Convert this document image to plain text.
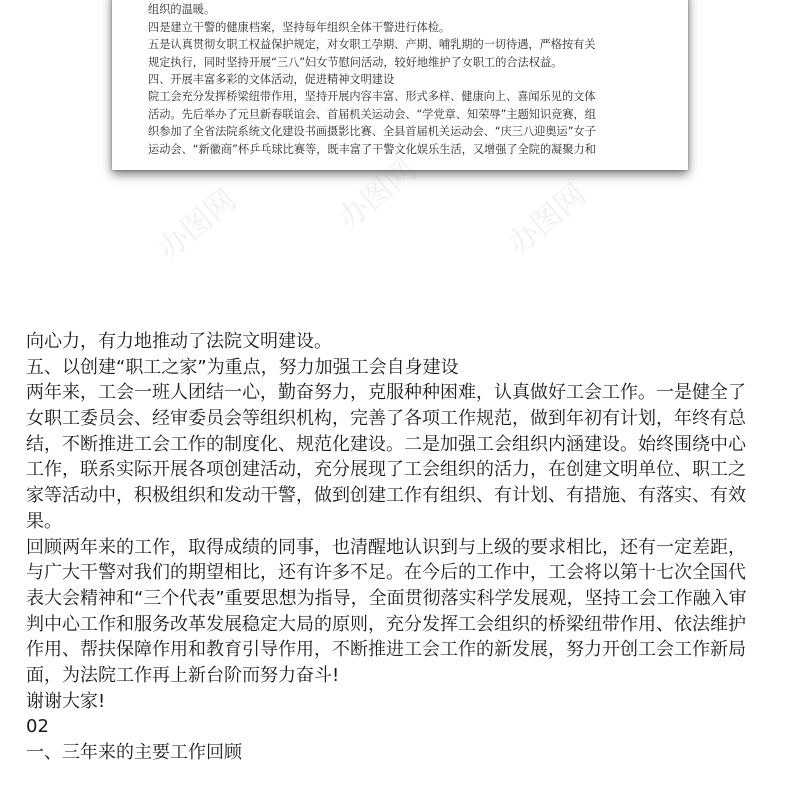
组织的温暖。
四是建立干警的健康档案，坚持每年组织全体干警进行体检。
五是认真贯彻女职工权益保护规定，对女职工孕期、产期、哺乳期的一切待遇，严格按有关
规定执行，同时坚持开展“三八”妇女节慰问活动，较好地维护了女职工的合法权益。
四、开展丰富多彩的文体活动，促进精神文明建设
院工会充分发挥桥梁纽带作用，坚持开展内容丰富、形式多样、健康向上、喜闻乐见的文体
活动。先后举办了元旦新春联谊会、首届机关运动会、“学党章、知荣辱”主题知识竞赛，组
织参加了全省法院系统文化建设书画摄影比赛、全县首届机关运动会、“庆三八迎奥运”女子
运动会、“新徽商”杯乒乓球比赛等，既丰富了干警文化娱乐生活，又增强了全院的凝聚力和
办图网	办图网	办图网
向心力，有力地推动了法院文明建设。
五、以创建“职工之家”为重点，努力加强工会自身建设
两年来，工会一班人团结一心，勤奋努力，克服种种困难，认真做好工会工作。一是健全了
女职工委员会、经审委员会等组织机构，完善了各项工作规范，做到年初有计划，年终有总
结，不断推进工会工作的制度化、规范化建设。二是加强工会组织内涵建设。始终围绕中心
工作，联系实际开展各项创建活动，充分展现了工会组织的活力，在创建文明单位、职工之
家等活动中，积极组织和发动干警，做到创建工作有组织、有计划、有措施、有落实、有效
果。
回顾两年来的工作，取得成绩的同事，也清醒地认识到与上级的要求相比，还有一定差距，
与广大干警对我们的期望相比，还有许多不足。在今后的工作中，工会将以第十七次全国代
表大会精神和“三个代表”重要思想为指导，全面贯彻落实科学发展观，坚持工会工作融入审
判中心工作和服务改革发展稳定大局的原则，充分发挥工会组织的桥梁纽带作用、依法维护
作用、帮扶保障作用和教育引导作用，不断推进工会工作的新发展，努力开创工会工作新局
面，为法院工作再上新台阶而努力奋斗!
谢谢大家!
02
一、三年来的主要工作回顾
